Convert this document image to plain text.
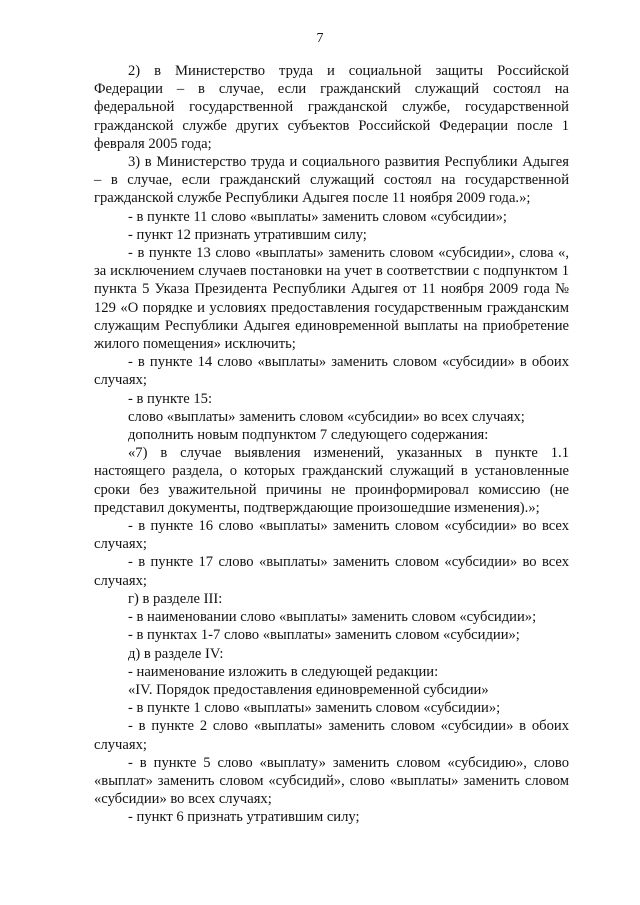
7

2) в Министерство труда и социальной защиты Российской Федерации – в случае, если гражданский служащий состоял на федеральной государственной гражданской службе, государственной гражданской службе других субъектов Российской Федерации после 1 февраля 2005 года;

3) в Министерство труда и социального развития Республики Адыгея – в случае, если гражданский служащий состоял на государственной гражданской службе Республики Адыгея после 11 ноября 2009 года.»;

- в пункте 11 слово «выплаты» заменить словом «субсидии»;

- пункт 12 признать утратившим силу;

- в пункте 13 слово «выплаты» заменить словом «субсидии», слова «, за исключением случаев постановки на учет в соответствии с подпунктом 1 пункта 5 Указа Президента Республики Адыгея от 11 ноября 2009 года № 129 «О порядке и условиях предоставления государственным гражданским служащим Республики Адыгея единовременной выплаты на приобретение жилого помещения» исключить;

- в пункте 14 слово «выплаты» заменить словом «субсидии» в обоих случаях;

- в пункте 15:

слово «выплаты» заменить словом «субсидии» во всех случаях;

дополнить новым подпунктом 7 следующего содержания:

«7) в случае выявления изменений, указанных в пункте 1.1 настоящего раздела, о которых гражданский служащий в установленные сроки без уважительной причины не проинформировал комиссию (не представил документы, подтверждающие произошедшие изменения).»;

- в пункте 16 слово «выплаты» заменить словом «субсидии» во всех случаях;

- в пункте 17 слово «выплаты» заменить словом «субсидии» во всех случаях;

г) в разделе III:

- в наименовании слово «выплаты» заменить словом «субсидии»;

- в пунктах 1-7 слово «выплаты» заменить словом «субсидии»;

д) в разделе IV:

- наименование изложить в следующей редакции:

«IV. Порядок предоставления единовременной субсидии»

- в пункте 1 слово «выплаты» заменить словом «субсидии»;

- в пункте 2 слово «выплаты» заменить словом «субсидии» в обоих случаях;

- в пункте 5 слово «выплату» заменить словом «субсидию», слово «выплат» заменить словом «субсидий», слово «выплаты» заменить словом «субсидии» во всех случаях;

- пункт 6 признать утратившим силу;
